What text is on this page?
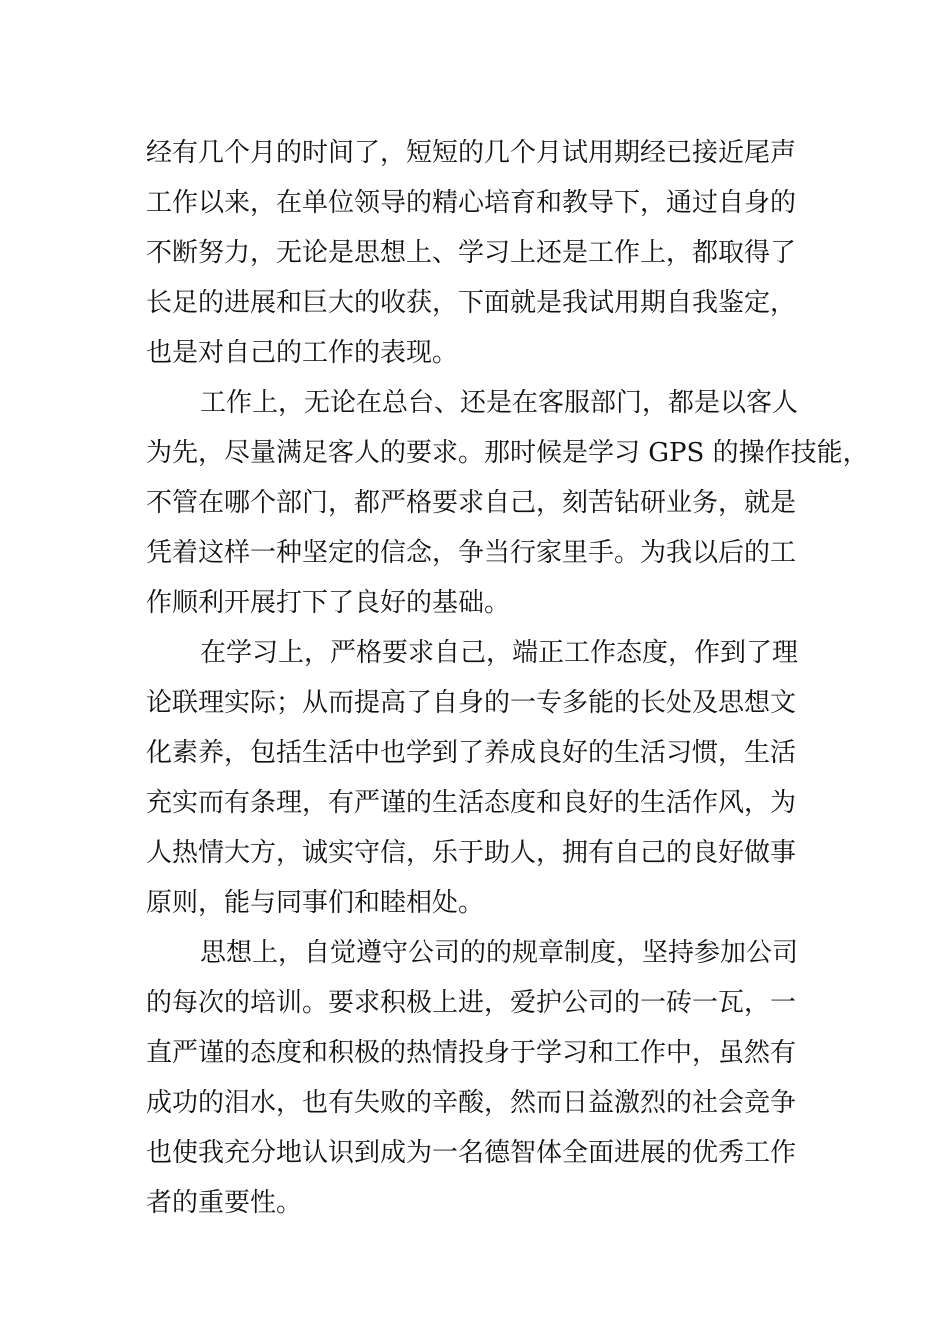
经有几个月的时间了，短短的几个月试用期经已接近尾声
工作以来，在单位领导的精心培育和教导下，通过自身的
不断努力，无论是思想上、学习上还是工作上，都取得了
长足的进展和巨大的收获，下面就是我试用期自我鉴定，
也是对自己的工作的表现。
工作上，无论在总台、还是在客服部门，都是以客人
为先，尽量满足客人的要求。那时候是学习 GPS 的操作技能，
不管在哪个部门，都严格要求自己，刻苦钻研业务，就是
凭着这样一种坚定的信念，争当行家里手。为我以后的工
作顺利开展打下了良好的基础。
在学习上，严格要求自己，端正工作态度，作到了理
论联理实际；从而提高了自身的一专多能的长处及思想文
化素养，包括生活中也学到了养成良好的生活习惯，生活
充实而有条理，有严谨的生活态度和良好的生活作风，为
人热情大方，诚实守信，乐于助人，拥有自己的良好做事
原则，能与同事们和睦相处。
思想上，自觉遵守公司的的规章制度，坚持参加公司
的每次的培训。要求积极上进，爱护公司的一砖一瓦，一
直严谨的态度和积极的热情投身于学习和工作中，虽然有
成功的泪水，也有失败的辛酸，然而日益激烈的社会竞争
也使我充分地认识到成为一名德智体全面进展的优秀工作
者的重要性。
